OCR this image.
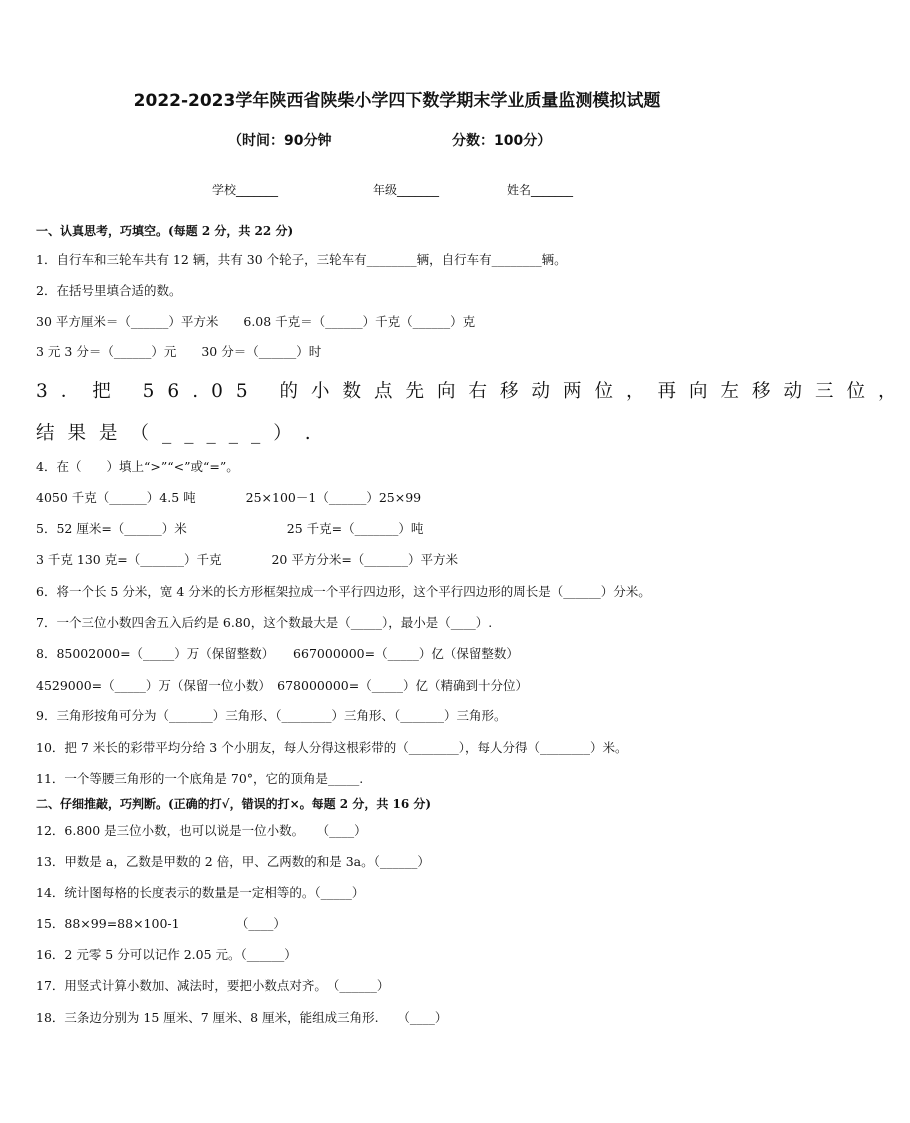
2022-2023学年陕西省陕柴小学四下数学期末学业质量监测模拟试题
（时间：90分钟	分数：100分）
学校_______	年级_______	姓名_______
一、认真思考，巧填空。(每题 2 分，共 22 分)
1．自行车和三轮车共有 12 辆，共有 30 个轮子，三轮车有________辆，自行车有________辆。
2．在括号里填合适的数。
30 平方厘米＝（______）平方米　　6.08 千克＝（______）千克（______）克
3 元 3 分＝（______）元　　30 分＝（______）时
3．把 56.05 的小数点先向右移动两位，再向左移动三位，
结果是（_____）.
4．在（　　）填上“>”“<”或“=”。
4050 千克（______）4.5 吨　　　　25×100－1（______）25×99
5．52 厘米=（______）米　　　　　　　　25 千克=（_______）吨
3 千克 130 克=（_______）千克　　　　20 平方分米=（_______）平方米
6．将一个长 5 分米，宽 4 分米的长方形框架拉成一个平行四边形，这个平行四边形的周长是（______）分米。
7．一个三位小数四舍五入后约是 6.80，这个数最大是（_____），最小是（____）.
8．85002000=（_____）万（保留整数）　　667000000=（_____）亿（保留整数）
4529000=（_____）万（保留一位小数）　678000000=（_____）亿（精确到十分位）
9．三角形按角可分为（_______）三角形、（________）三角形、（_______）三角形。
10．把 7 米长的彩带平均分给 3 个小朋友，每人分得这根彩带的（________），每人分得（________）米。
11．一个等腰三角形的一个底角是 70°，它的顶角是_____.
二、仔细推敲，巧判断。(正确的打√，错误的打×。每题 2 分，共 16 分)
12．6.800 是三位小数，也可以说是一位小数。　　（____）
13．甲数是 a，乙数是甲数的 2 倍，甲、乙两数的和是 3a。（______）
14．统计图每格的长度表示的数量是一定相等的。（_____）
15．88×99=88×100-1　　　　　（____）
16．2 元零 5 分可以记作 2.05 元。（______）
17．用竖式计算小数加、减法时，要把小数点对齐。　（______）
18．三条边分别为 15 厘米、7 厘米、8 厘米，能组成三角形.　　（____）
